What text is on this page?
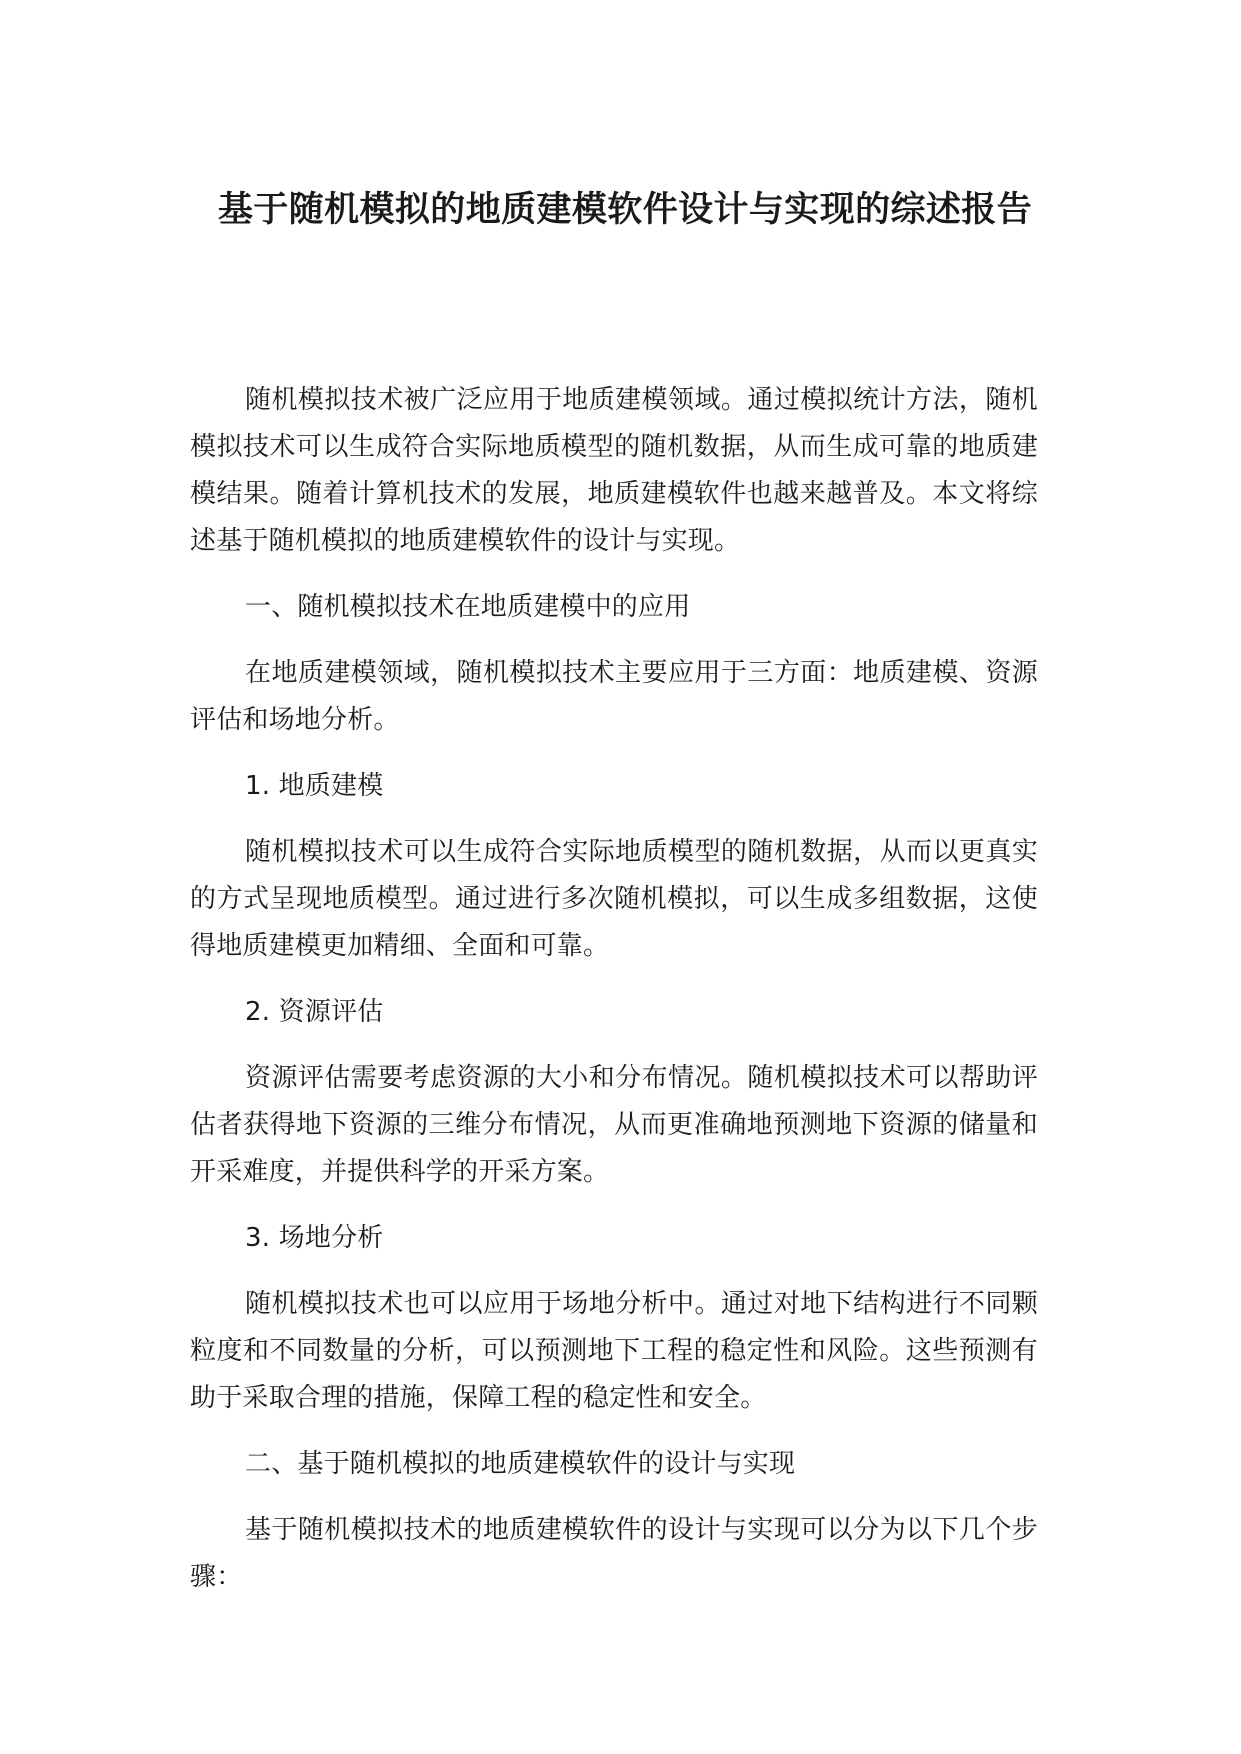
基于随机模拟的地质建模软件设计与实现的综述报告

随机模拟技术被广泛应用于地质建模领域。通过模拟统计方法，随机模拟技术可以生成符合实际地质模型的随机数据，从而生成可靠的地质建模结果。随着计算机技术的发展，地质建模软件也越来越普及。本文将综述基于随机模拟的地质建模软件的设计与实现。

一、随机模拟技术在地质建模中的应用

在地质建模领域，随机模拟技术主要应用于三方面：地质建模、资源评估和场地分析。

1. 地质建模

随机模拟技术可以生成符合实际地质模型的随机数据，从而以更真实的方式呈现地质模型。通过进行多次随机模拟，可以生成多组数据，这使得地质建模更加精细、全面和可靠。

2. 资源评估

资源评估需要考虑资源的大小和分布情况。随机模拟技术可以帮助评估者获得地下资源的三维分布情况，从而更准确地预测地下资源的储量和开采难度，并提供科学的开采方案。

3. 场地分析

随机模拟技术也可以应用于场地分析中。通过对地下结构进行不同颗粒度和不同数量的分析，可以预测地下工程的稳定性和风险。这些预测有助于采取合理的措施，保障工程的稳定性和安全。

二、基于随机模拟的地质建模软件的设计与实现

基于随机模拟技术的地质建模软件的设计与实现可以分为以下几个步骤：
